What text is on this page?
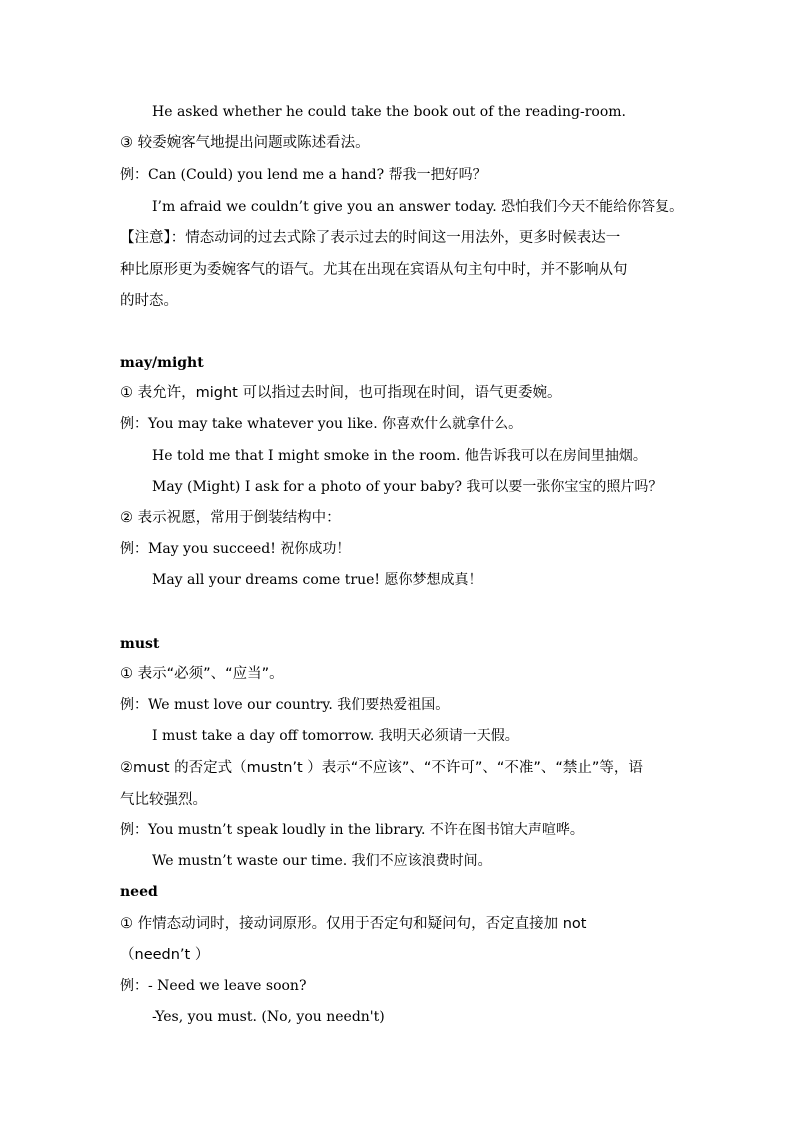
He asked whether he could take the book out of the reading-room.
③ 较委婉客气地提出问题或陈述看法。
例：Can (Could) you lend me a hand? 帮我一把好吗？
I’m afraid we couldn’t give you an answer today. 恐怕我们今天不能给你答复。
【注意】：情态动词的过去式除了表示过去的时间这一用法外，更多时候表达一
种比原形更为委婉客气的语气。尤其在出现在宾语从句主句中时，并不影响从句
的时态。
may/might
① 表允许，might 可以指过去时间，也可指现在时间，语气更委婉。
例：You may take whatever you like. 你喜欢什么就拿什么。
He told me that I might smoke in the room. 他告诉我可以在房间里抽烟。
May (Might) I ask for a photo of your baby? 我可以要一张你宝宝的照片吗？
② 表示祝愿，常用于倒装结构中：
例：May you succeed! 祝你成功！
May all your dreams come true! 愿你梦想成真！
must
① 表示“必须”、“应当”。
例：We must love our country. 我们要热爱祖国。
I must take a day off tomorrow. 我明天必须请一天假。
②must 的否定式（mustn’t ）表示“不应该”、“不许可”、“不准”、“禁止”等，语
气比较强烈。
例：You mustn’t speak loudly in the library. 不许在图书馆大声喧哗。
We mustn’t waste our time. 我们不应该浪费时间。
need
① 作情态动词时，接动词原形。仅用于否定句和疑问句，否定直接加 not
（needn’t ）
例：- Need we leave soon?
-Yes, you must. (No, you needn't)
